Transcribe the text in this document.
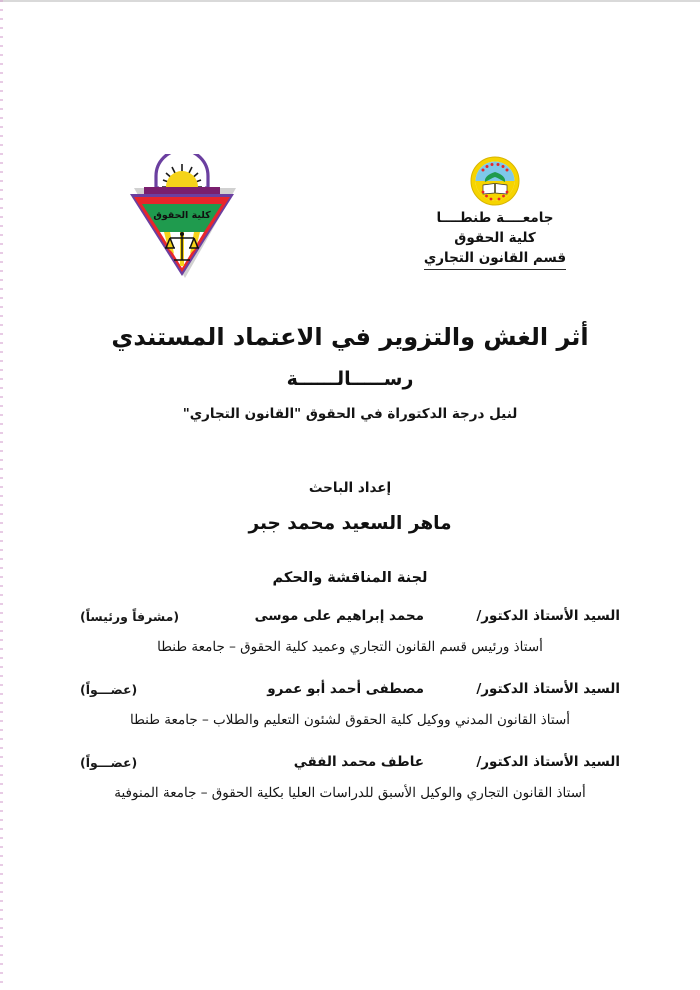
كلية الحقوق	جامعــــة طنطــــا
كلية الحقوق
قسم القانون التجاري
أثر الغش والتزوير في الاعتماد المستندي
رســـــالــــــة
لنيل درجة الدكتوراة في الحقوق "القانون التجاري"
إعداد الباحث
ماهر السعيد محمد جبر
لجنة المناقشة والحكم
السيد الأستاذ الدكتور/
محمد إبراهيم على موسى
(مشرفاً ورئيساً)
أستاذ ورئيس قسم القانون التجاري وعميد كلية الحقوق – جامعة طنطا
السيد الأستاذ الدكتور/
مصطفى أحمد أبو عمرو
(عضـــواً)
أستاذ القانون المدني ووكيل كلية الحقوق لشئون التعليم والطلاب – جامعة طنطا
السيد الأستاذ الدكتور/
عاطف محمد الفقي
(عضـــواً)
أستاذ القانون التجاري والوكيل الأسبق للدراسات العليا بكلية الحقوق – جامعة المنوفية
